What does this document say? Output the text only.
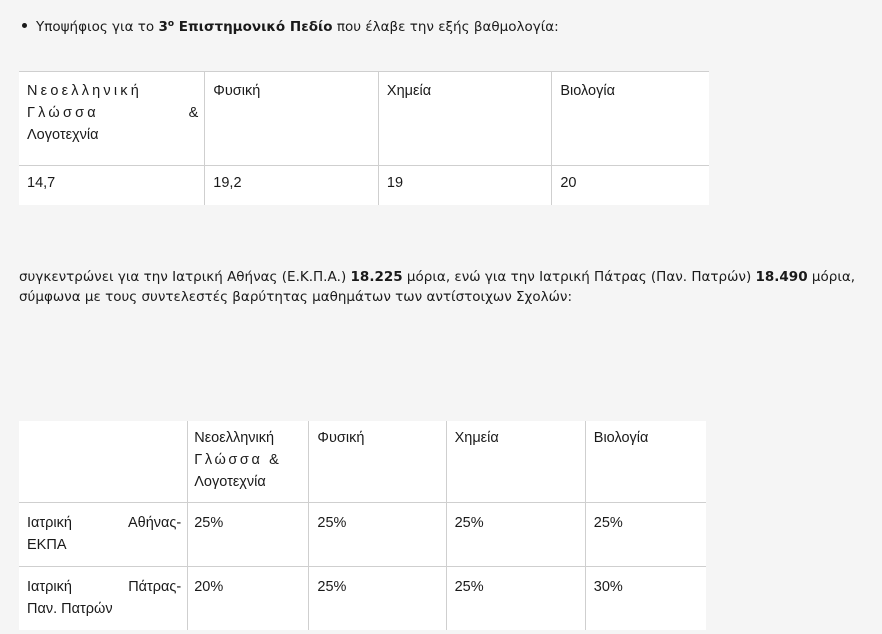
Υποψήφιος για το $3^o$ Επιστημονικό Πεδίο που έλαβε την εξής βαθμολογία:
Νεοελληνική
Γλώσσα &
Λογοτεχνία	Φυσική	Χημεία	Βιολογία
14,7	19,2	19	20
συγκεντρώνει για την Ιατρική Αθήνας (Ε.Κ.Π.Α.) 18.225 μόρια, ενώ για την Ιατρική Πάτρας (Παν. Πατρών) 18.490 μόρια,
σύμφωνα με τους συντελεστές βαρύτητας μαθημάτων των αντίστοιχων Σχολών:

	Νεοελληνική
Γλώσσα &
Λογοτεχνία	Φυσική	Χημεία	Βιολογία

Ιατρική Αθήνας-
ΕΚΠΑ	25%	25%	25%	25%

Ιατρική Πάτρας-
Παν. Πατρών	20%	25%	25%	30%
